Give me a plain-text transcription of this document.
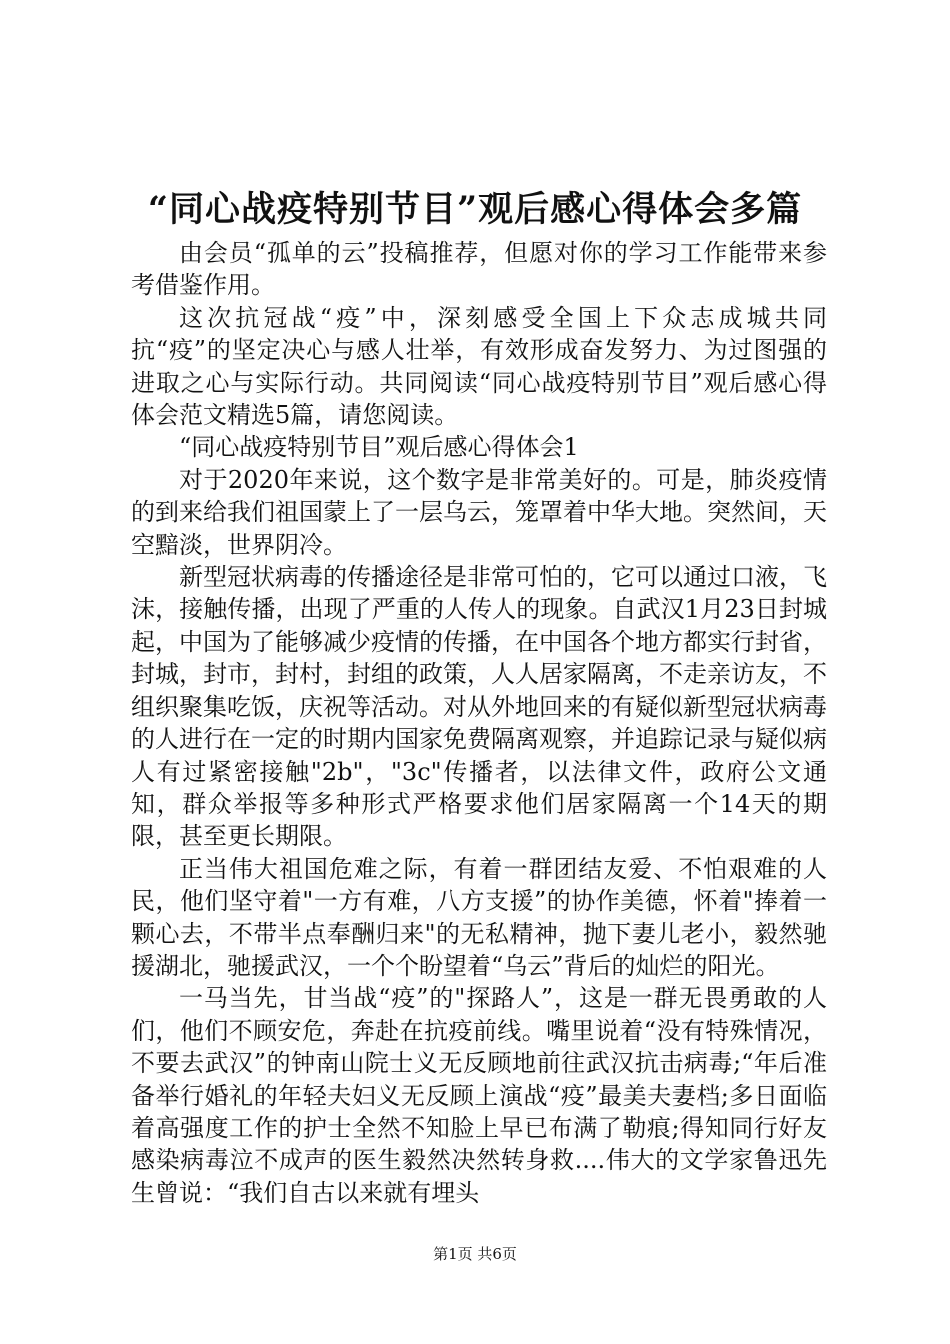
“同心战疫特别节目”观后感心得体会多篇

由会员“孤单的云”投稿推荐，但愿对你的学习工作能带来参考借鉴作用。

这次抗冠战“疫”中，深刻感受全国上下众志成城共同抗“疫”的坚定决心与感人壮举，有效形成奋发努力、为过图强的进取之心与实际行动。共同阅读“同心战疫特别节目”观后感心得体会范文精选5篇，请您阅读。

“同心战疫特别节目”观后感心得体会1

对于2020年来说，这个数字是非常美好的。可是，肺炎疫情的到来给我们祖国蒙上了一层乌云，笼罩着中华大地。突然间，天空黯淡，世界阴冷。

新型冠状病毒的传播途径是非常可怕的，它可以通过口液，飞沫，接触传播，出现了严重的人传人的现象。自武汉1月23日封城起，中国为了能够减少疫情的传播，在中国各个地方都实行封省，封城，封市，封村，封组的政策，人人居家隔离，不走亲访友，不组织聚集吃饭，庆祝等活动。对从外地回来的有疑似新型冠状病毒的人进行在一定的时期内国家免费隔离观察，并追踪记录与疑似病人有过紧密接触"2b"，"3c"传播者，以法律文件，政府公文通知，群众举报等多种形式严格要求他们居家隔离一个14天的期限，甚至更长期限。

正当伟大祖国危难之际，有着一群团结友爱、不怕艰难的人民，他们坚守着"一方有难，八方支援”的协作美德，怀着"捧着一颗心去，不带半点奉酬归来"的无私精神，抛下妻儿老小，毅然驰援湖北，驰援武汉，一个个盼望着“乌云”背后的灿烂的阳光。

一马当先，甘当战“疫”的"探路人”，这是一群无畏勇敢的人们，他们不顾安危，奔赴在抗疫前线。嘴里说着“没有特殊情况，不要去武汉”的钟南山院士义无反顾地前往武汉抗击病毒;“年后准备举行婚礼的年轻夫妇义无反顾上演战“疫”最美夫妻档;多日面临着高强度工作的护士全然不知脸上早已布满了勒痕;得知同行好友感染病毒泣不成声的医生毅然决然转身救....伟大的文学家鲁迅先生曾说：“我们自古以来就有埋头

第1页 共6页
